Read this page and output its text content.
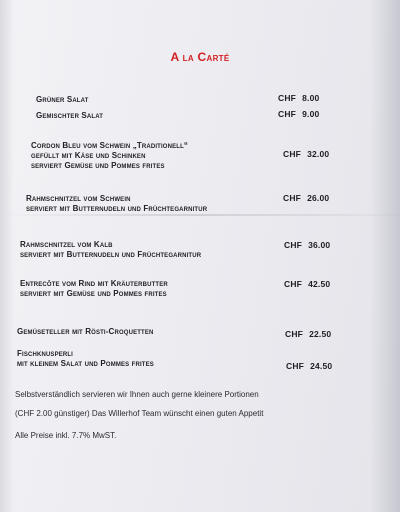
A la Carté
Grüner Salat	CHF 8.00
Gemischter Salat	CHF 9.00
Cordon Bleu vom Schwein „Traditionell“
gefüllt mit Käse und Schinken
serviert Gemüse und Pommes frites
CHF 32.00
Rahmschnitzel vom Schwein
serviert mit Butternudeln und Früchtegarnitur
CHF 26.00
Rahmschnitzel vom Kalb
serviert mit Butternudeln und Früchtegarnitur
CHF 36.00
Entrecôte vom Rind mit Kräuterbutter
serviert mit Gemüse und Pommes frites
CHF 42.50
Gemüseteller mit Rösti-Croquetten	CHF 22.50
Fischknusperli
mit kleinem Salat und Pommes frites	CHF 24.50
Selbstverständlich servieren wir Ihnen auch gerne kleinere Portionen
(CHF 2.00 günstiger) Das Willerhof Team wünscht einen guten Appetit
Alle Preise inkl. 7.7% MwST.
